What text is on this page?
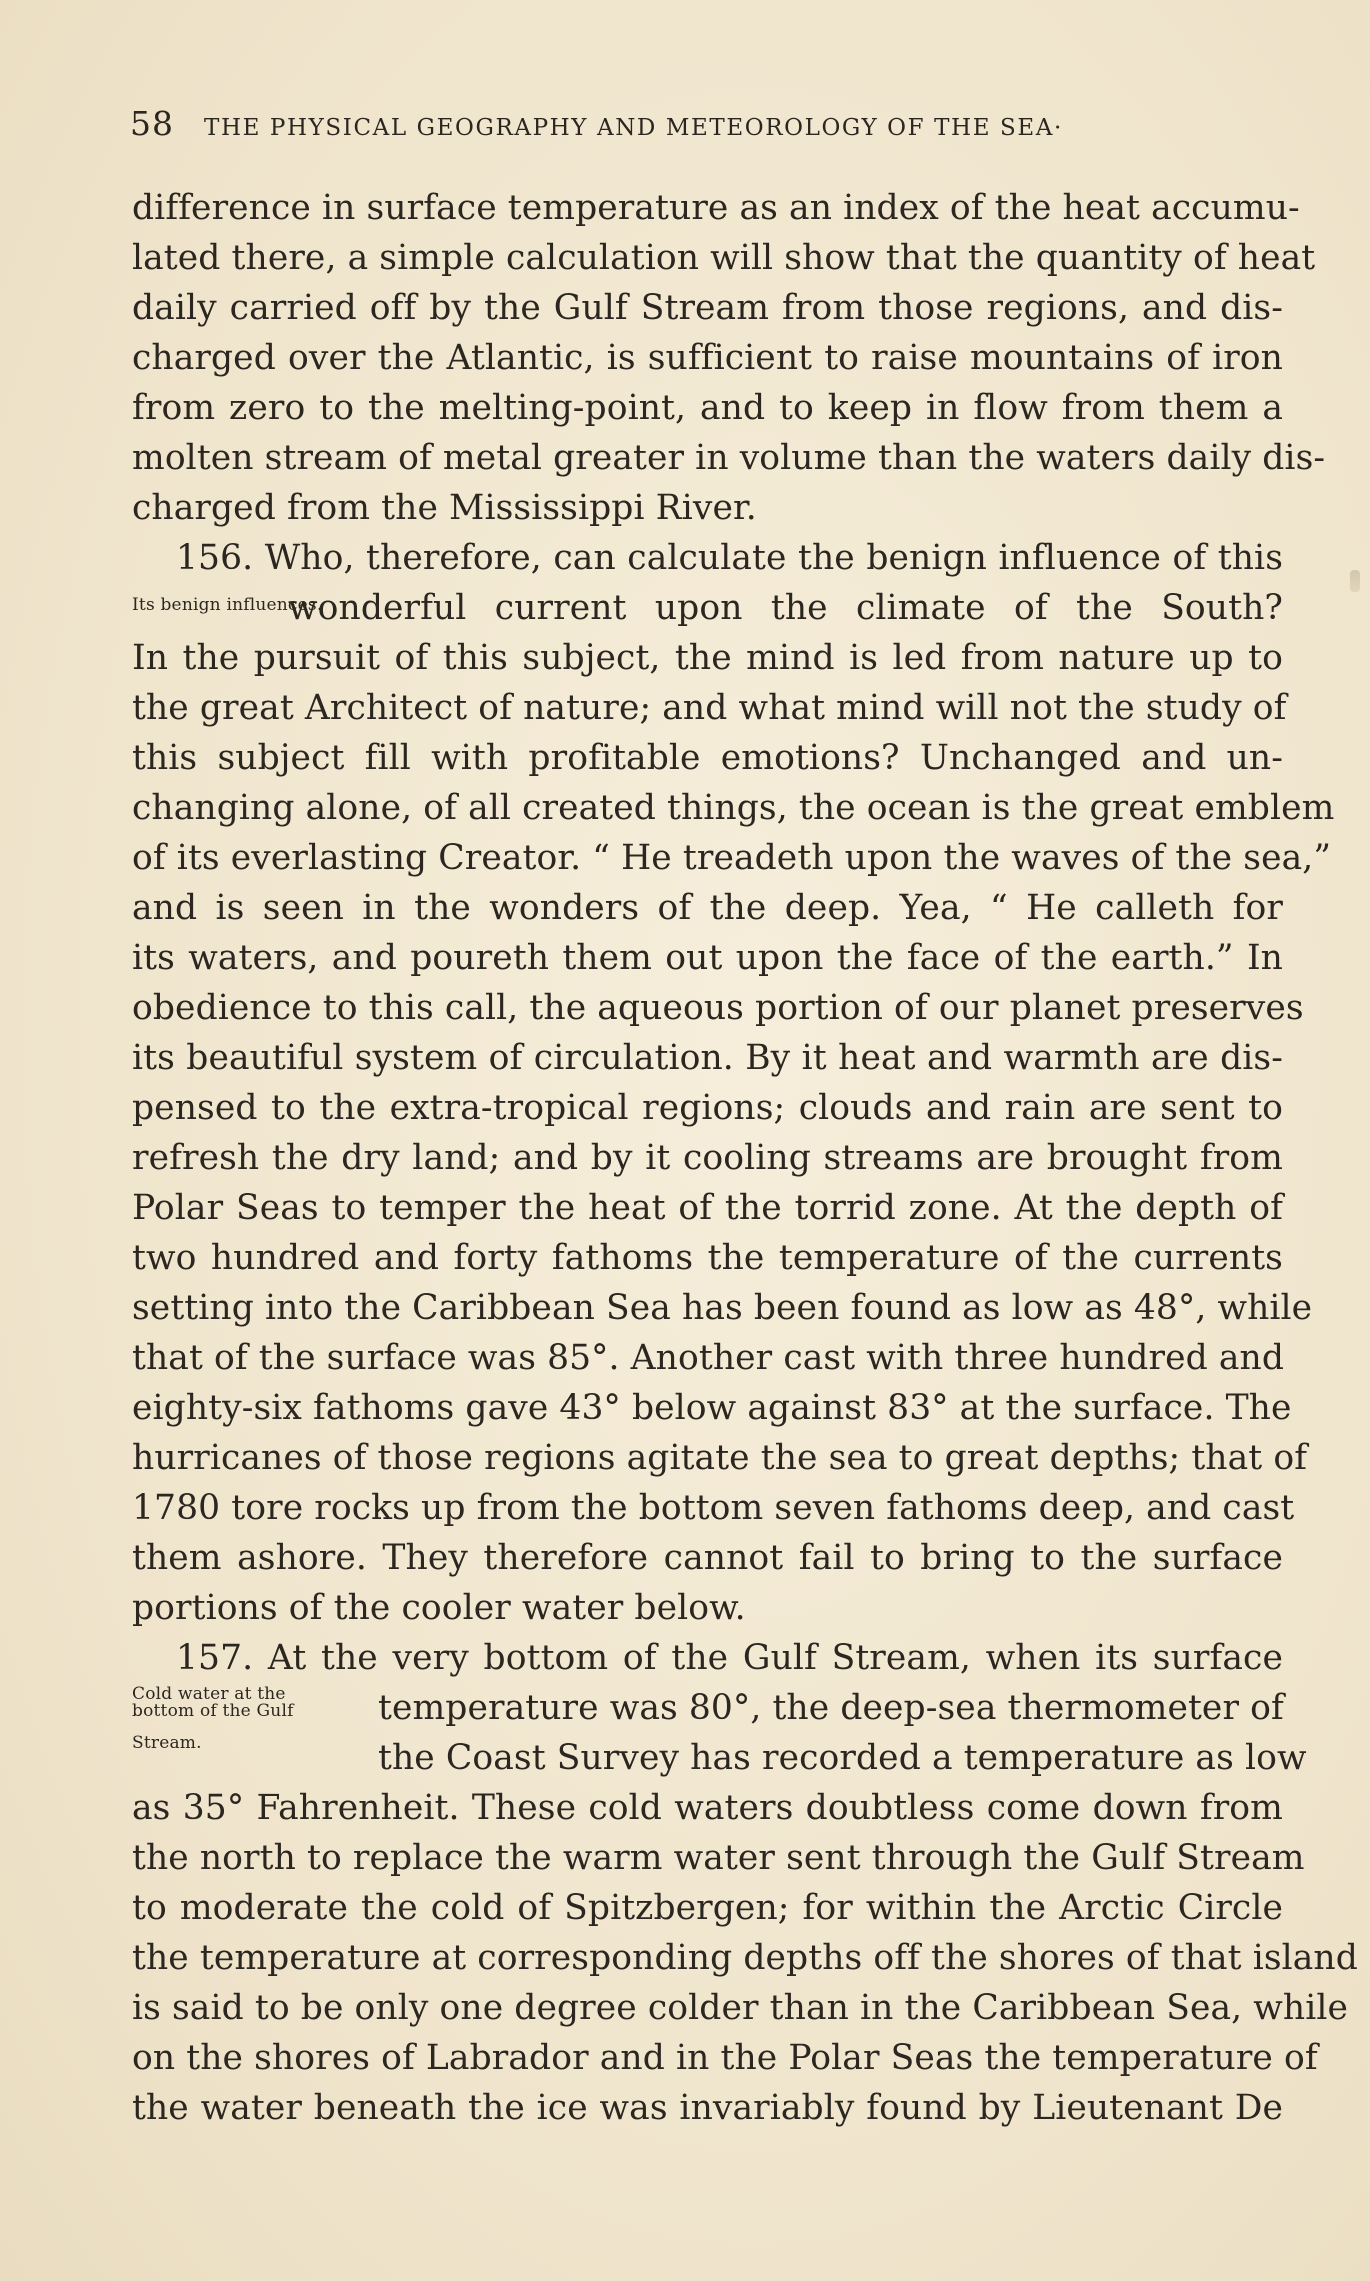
58 THE PHYSICAL GEOGRAPHY AND METEOROLOGY OF THE SEA·
difference in surface temperature as an index of the heat accumu-
lated there, a simple calculation will show that the quantity of heat
daily carried off by the Gulf Stream from those regions, and dis-
charged over the Atlantic, is sufficient to raise mountains of iron
from zero to the melting-point, and to keep in flow from them a
molten stream of metal greater in volume than the waters daily dis-
charged from the Mississippi River.
156. Who, therefore, can calculate the benign influence of this
Its benign influences.
wonderful current upon the climate of the South?
In the pursuit of this subject, the mind is led from nature up to
the great Architect of nature; and what mind will not the study of
this subject fill with profitable emotions? Unchanged and un-
changing alone, of all created things, the ocean is the great emblem
of its everlasting Creator. “ He treadeth upon the waves of the sea,”
and is seen in the wonders of the deep. Yea, “ He calleth for
its waters, and poureth them out upon the face of the earth.” In
obedience to this call, the aqueous portion of our planet preserves
its beautiful system of circulation. By it heat and warmth are dis-
pensed to the extra-tropical regions; clouds and rain are sent to
refresh the dry land; and by it cooling streams are brought from
Polar Seas to temper the heat of the torrid zone. At the depth of
two hundred and forty fathoms the temperature of the currents
setting into the Caribbean Sea has been found as low as 48°, while
that of the surface was 85°. Another cast with three hundred and
eighty-six fathoms gave 43° below against 83° at the surface. The
hurricanes of those regions agitate the sea to great depths; that of
1780 tore rocks up from the bottom seven fathoms deep, and cast
them ashore. They therefore cannot fail to bring to the surface
portions of the cooler water below.
157. At the very bottom of the Gulf Stream, when its surface
Cold water at the
bottom of the Gulf
Stream.
temperature was 80°, the deep-sea thermometer of
the Coast Survey has recorded a temperature as low
as 35° Fahrenheit. These cold waters doubtless come down from
the north to replace the warm water sent through the Gulf Stream
to moderate the cold of Spitzbergen; for within the Arctic Circle
the temperature at corresponding depths off the shores of that island
is said to be only one degree colder than in the Caribbean Sea, while
on the shores of Labrador and in the Polar Seas the temperature of
the water beneath the ice was invariably found by Lieutenant De
